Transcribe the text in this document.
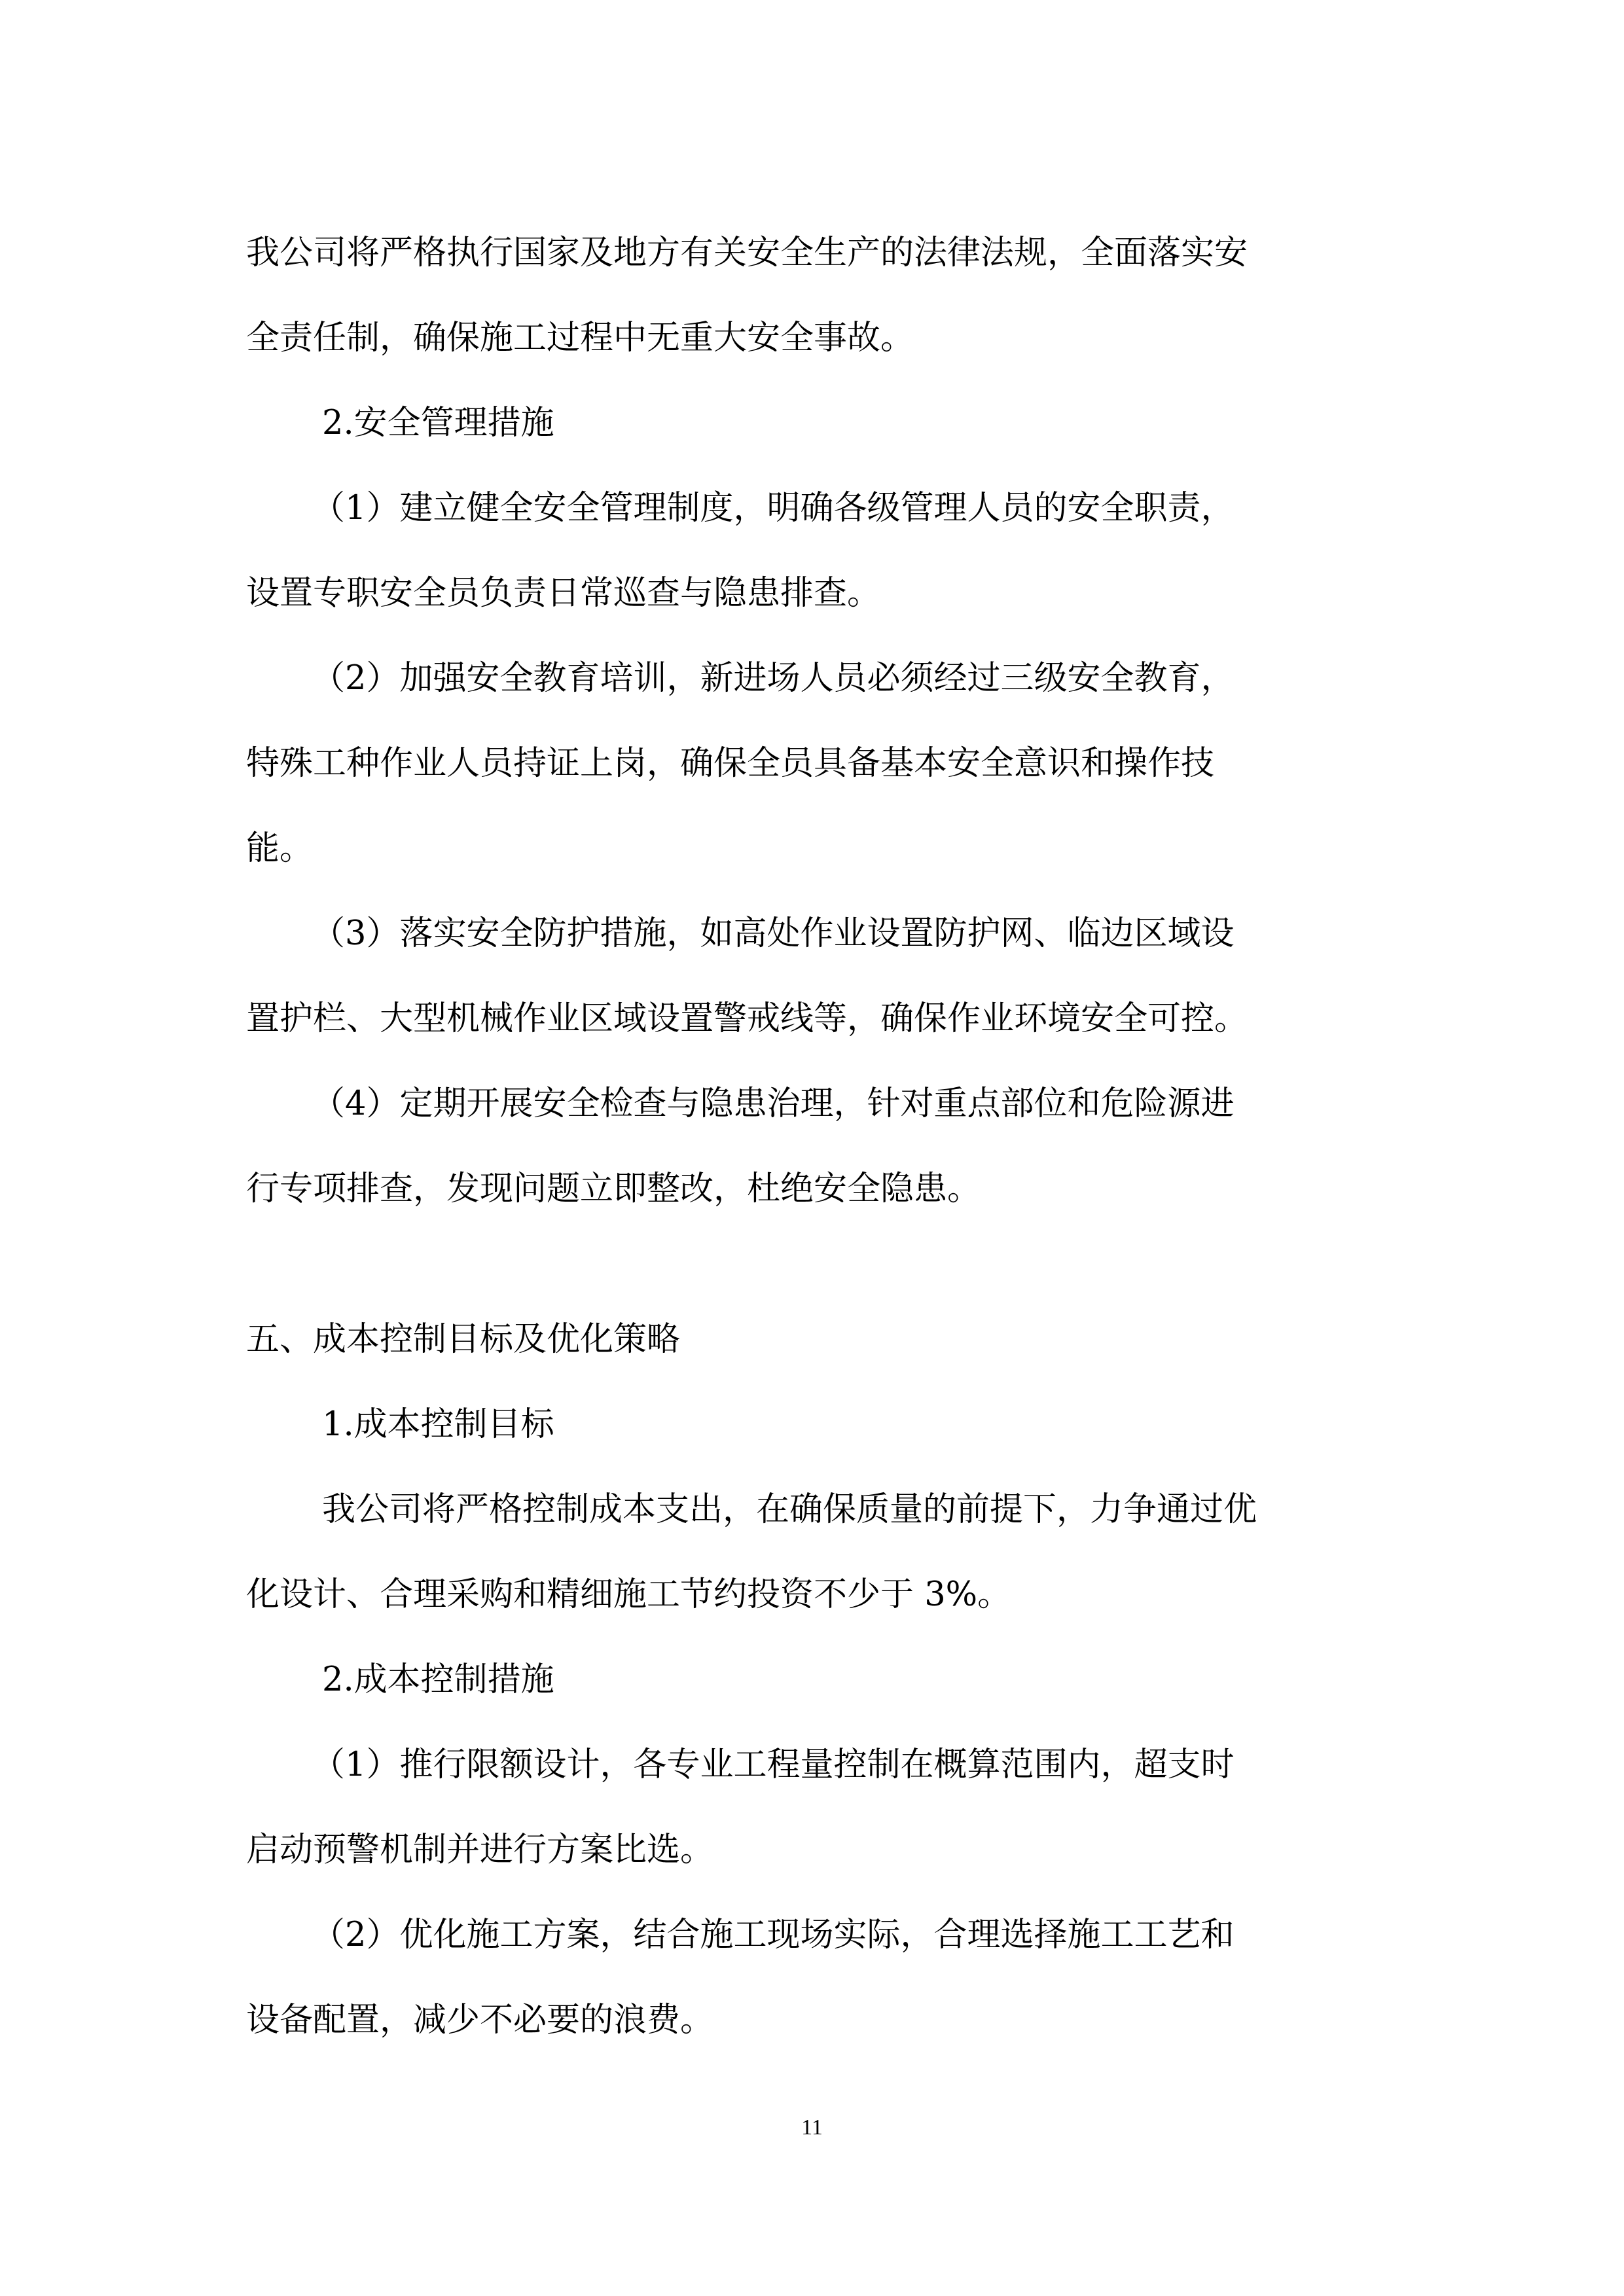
我公司将严格执行国家及地方有关安全生产的法律法规，全面落实安
全责任制，确保施工过程中无重大安全事故。
2.安全管理措施
（1）建立健全安全管理制度，明确各级管理人员的安全职责，
设置专职安全员负责日常巡查与隐患排查。
（2）加强安全教育培训，新进场人员必须经过三级安全教育，
特殊工种作业人员持证上岗，确保全员具备基本安全意识和操作技
能。
（3）落实安全防护措施，如高处作业设置防护网、临边区域设
置护栏、大型机械作业区域设置警戒线等，确保作业环境安全可控。
（4）定期开展安全检查与隐患治理，针对重点部位和危险源进
行专项排查，发现问题立即整改，杜绝安全隐患。
五、成本控制目标及优化策略
1.成本控制目标
我公司将严格控制成本支出，在确保质量的前提下，力争通过优
化设计、合理采购和精细施工节约投资不少于 3%。
2.成本控制措施
（1）推行限额设计，各专业工程量控制在概算范围内，超支时
启动预警机制并进行方案比选。
（2）优化施工方案，结合施工现场实际，合理选择施工工艺和
设备配置，减少不必要的浪费。
11
